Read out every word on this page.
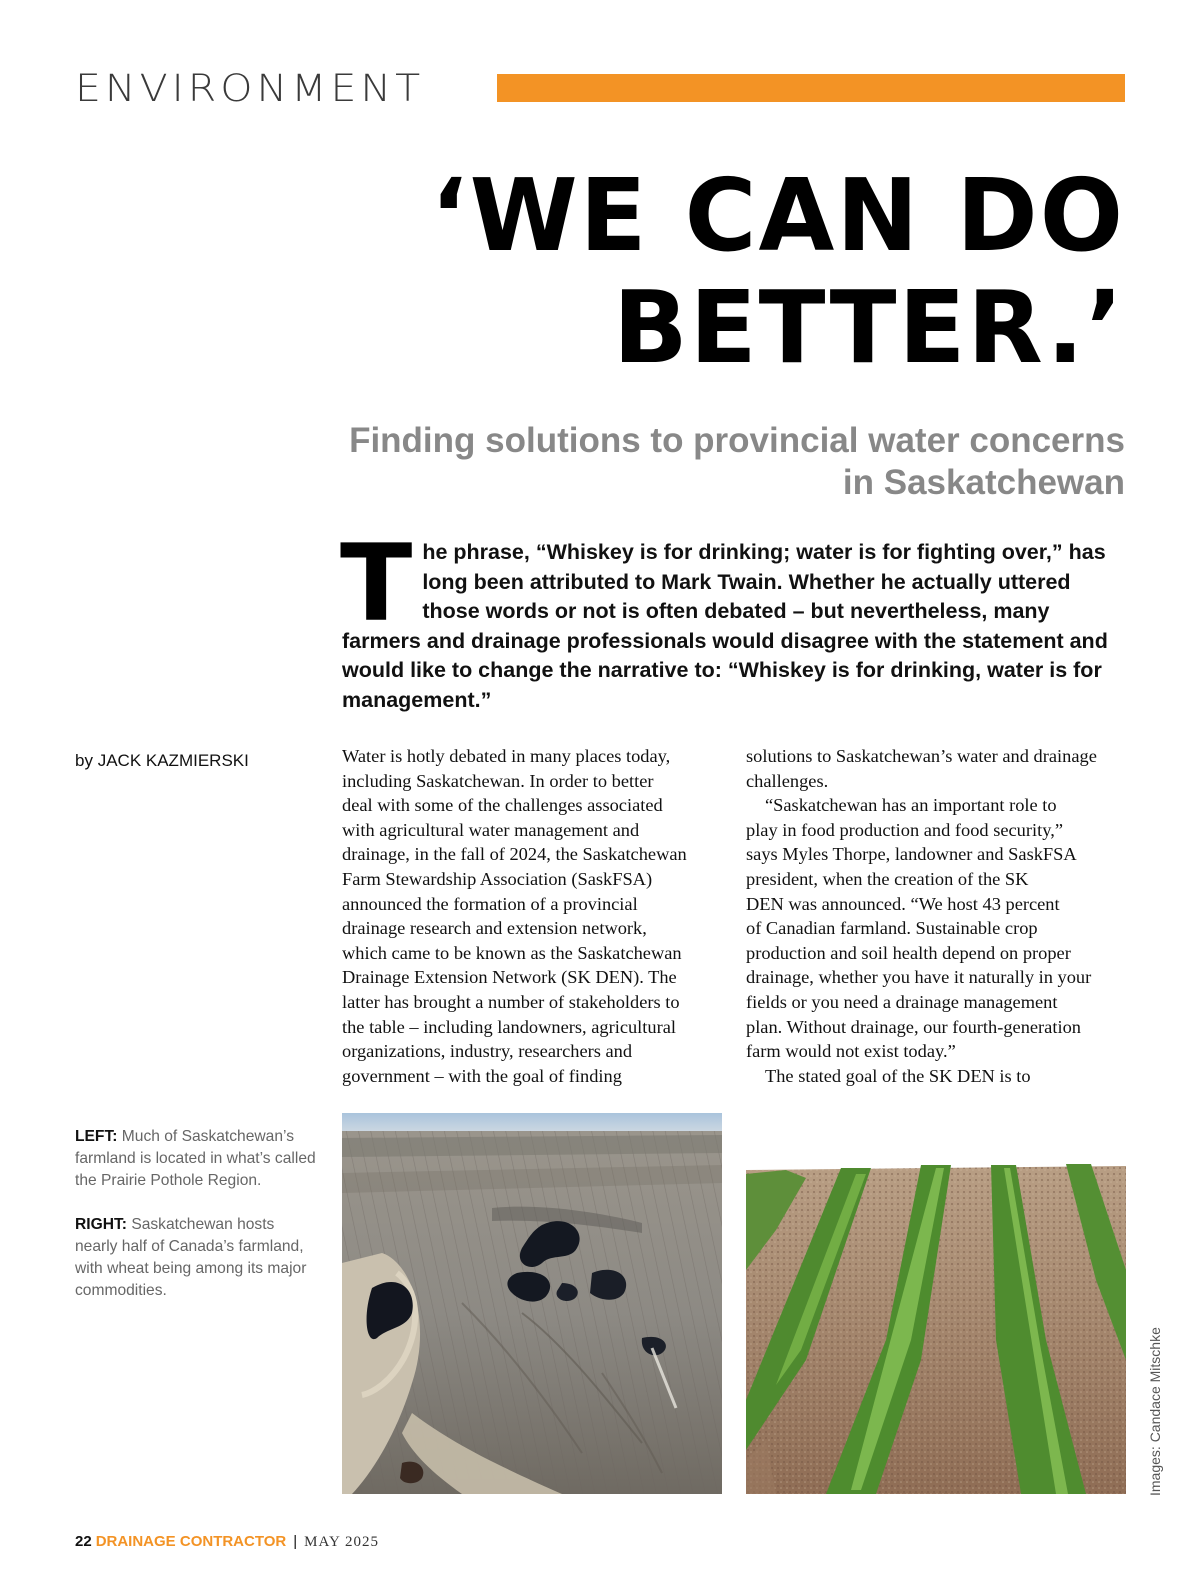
ENVIRONMENT
‘WE CAN DO
BETTER.’
Finding solutions to provincial water concerns
in Saskatchewan
T he phrase, “Whiskey is for drinking; water is for fighting over,” has long been attributed to Mark Twain. Whether he actually uttered those words or not is often debated – but nevertheless, many farmers and drainage professionals would disagree with the statement and would like to change the narrative to: “Whiskey is for drinking, water is for management.”
by JACK KAZMIERSKI	Water is hotly debated in many places today,
including Saskatchewan. In order to better
deal with some of the challenges associated
with agricultural water management and
drainage, in the fall of 2024, the Saskatchewan
Farm Stewardship Association (SaskFSA)
announced the formation of a provincial
drainage research and extension network,
which came to be known as the Saskatchewan
Drainage Extension Network (SK DEN). The
latter has brought a number of stakeholders to
the table – including landowners, agricultural
organizations, industry, researchers and
government – with the goal of finding

solutions to Saskatchewan’s water and drainage
challenges.

“Saskatchewan has an important role to
play in food production and food security,”
says Myles Thorpe, landowner and SaskFSA
president, when the creation of the SK
DEN was announced. “We host 43 percent
of Canadian farmland. Sustainable crop
production and soil health depend on proper
drainage, whether you have it naturally in your
fields or you need a drainage management
plan. Without drainage, our fourth-generation
farm would not exist today.”

The stated goal of the SK DEN is to

LEFT: Much of Saskatchewan’s farmland is located in what’s called the Prairie Pothole Region.

RIGHT: Saskatchewan hosts nearly half of Canada’s farmland, with wheat being among its major commodities.

Images: Candace Mitschke
22 DRAINAGE CONTRACTOR | MAY 2025
